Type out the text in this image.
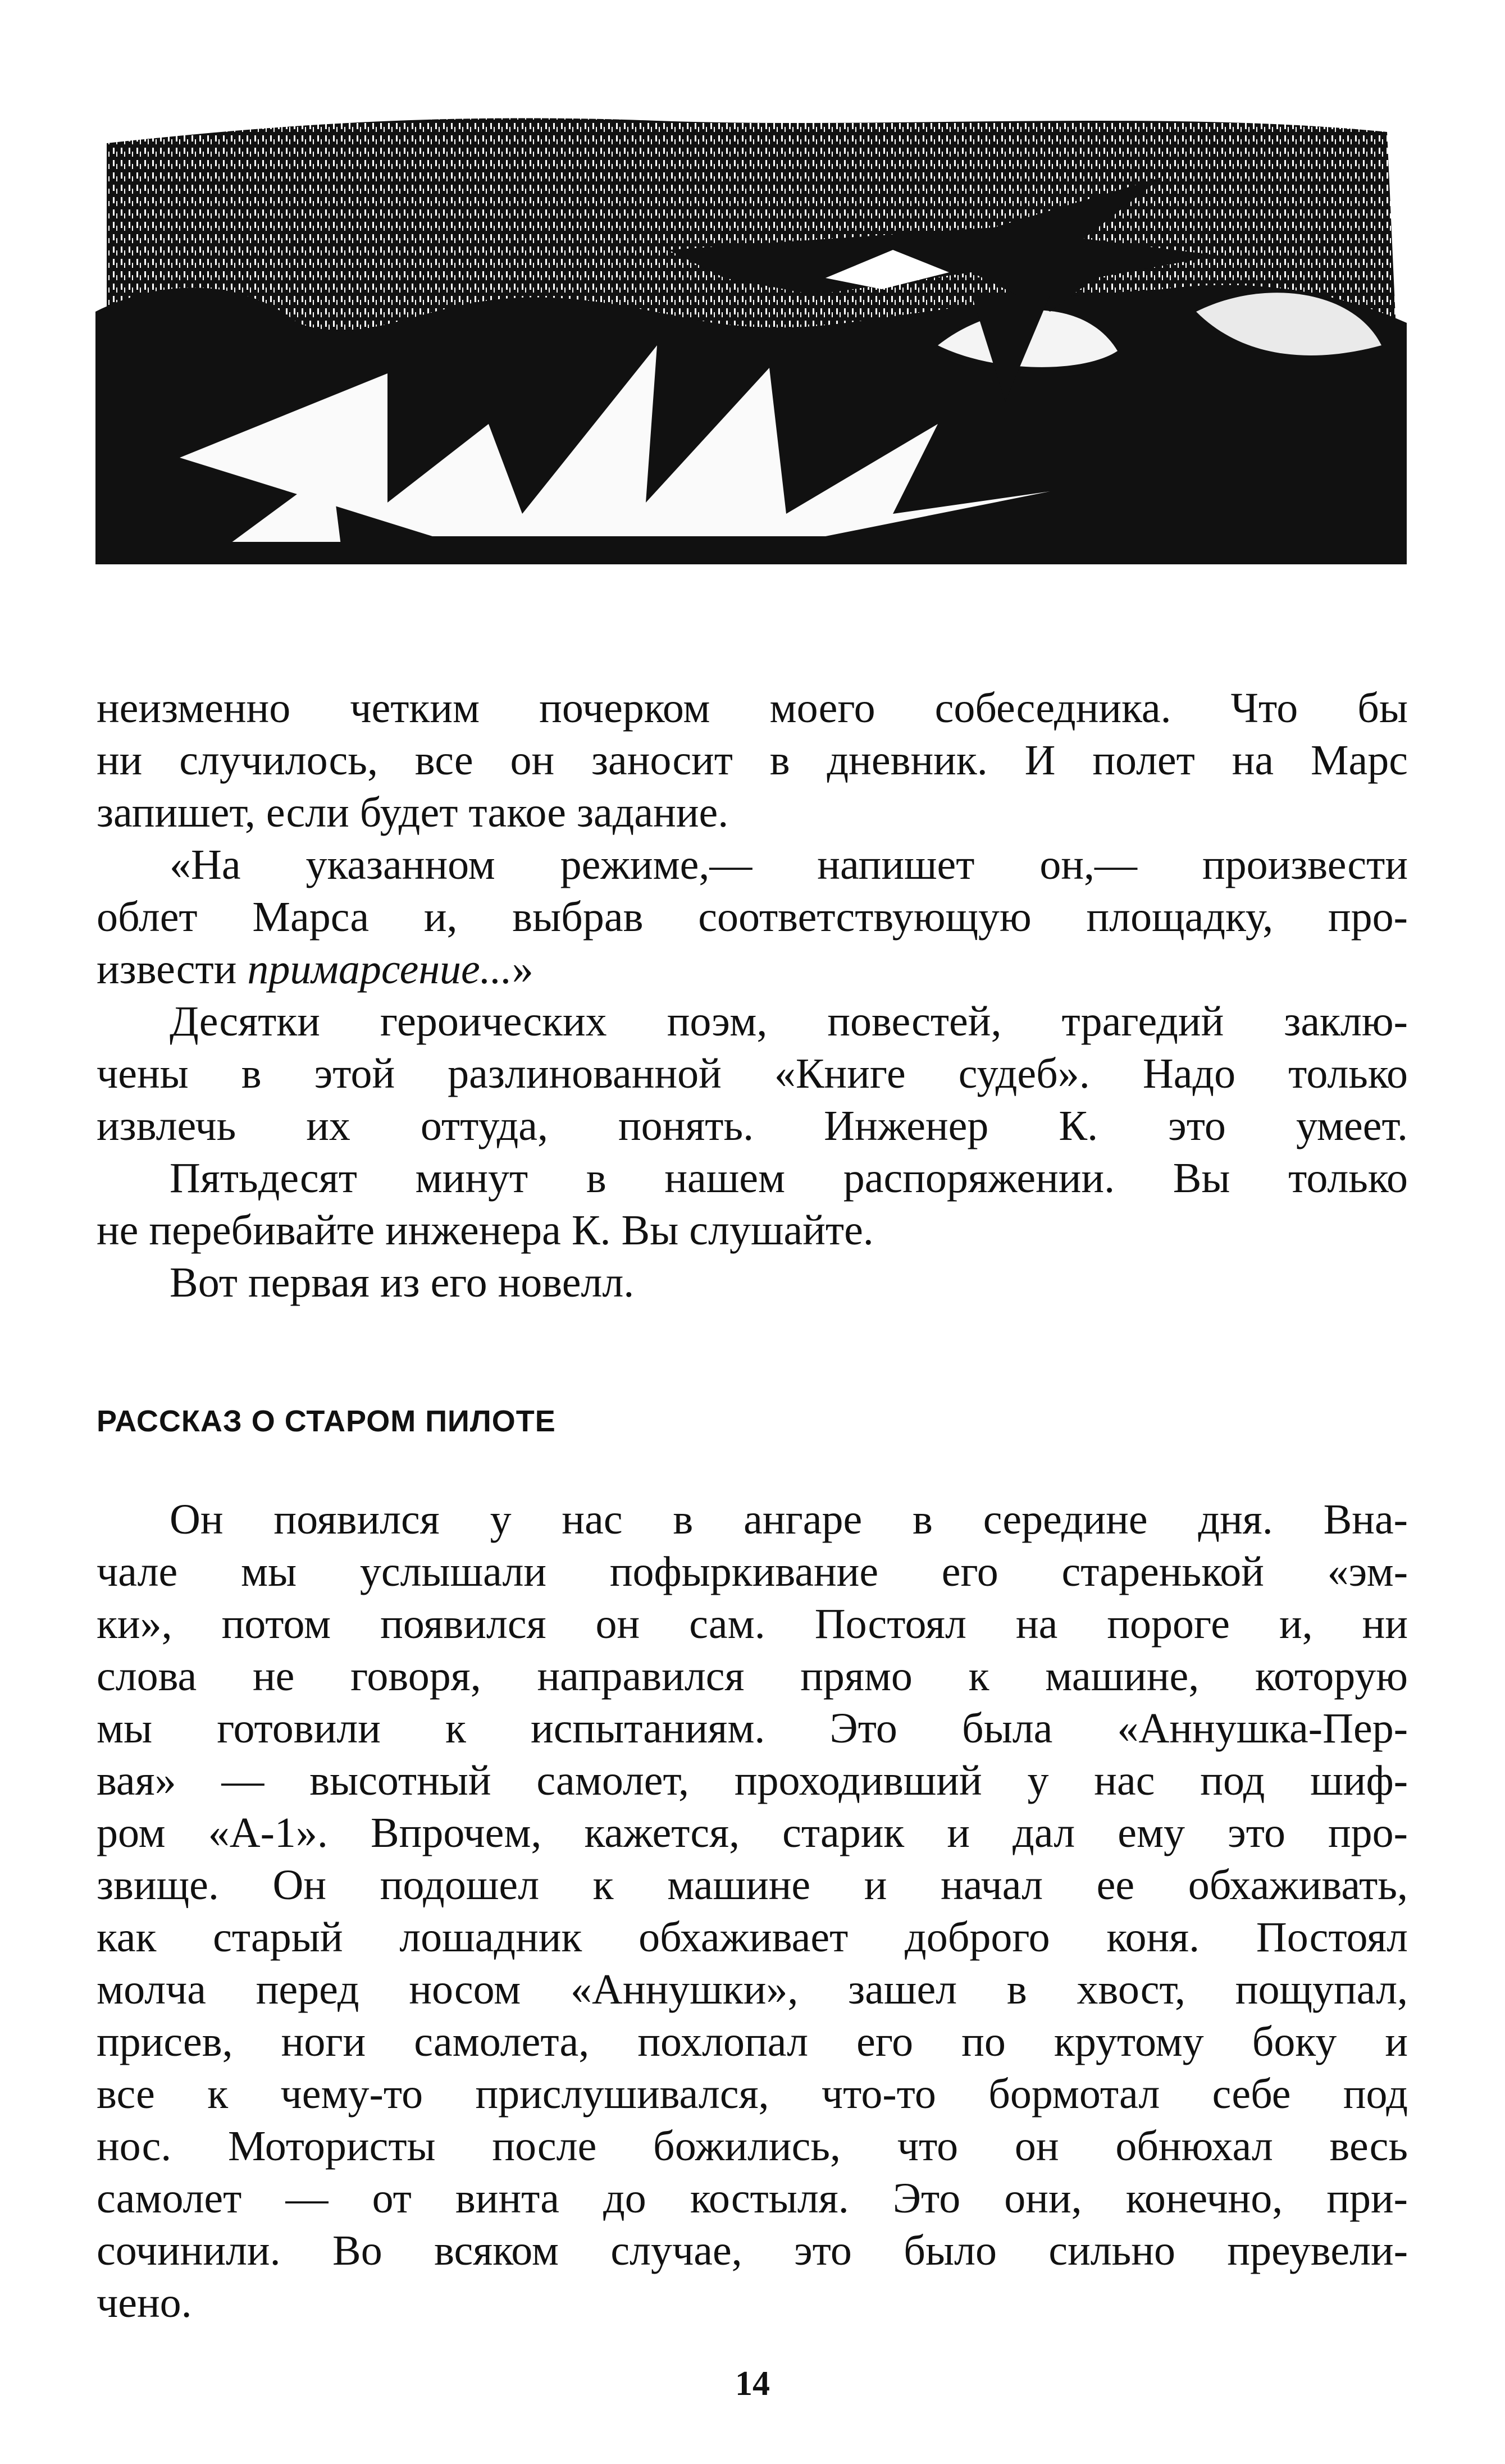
неизменно четким почерком моего собеседника. Что бы
ни случилось, все он заносит в дневник. И полет на Марс
запишет, если будет такое задание.
«На указанном режиме,— напишет он,— произвести
облет Марса и, выбрав соответствующую площадку, про-
извести примарсение...»
Десятки героических поэм, повестей, трагедий заклю-
чены в этой разлинованной «Книге судеб». Надо только
извлечь их оттуда, понять. Инженер К. это умеет.
Пятьдесят минут в нашем распоряжении. Вы только
не перебивайте инженера К. Вы слушайте.
Вот первая из его новелл.
РАССКАЗ О СТАРОМ ПИЛОТЕ
Он появился у нас в ангаре в середине дня. Вна-
чале мы услышали пофыркивание его старенькой «эм-
ки», потом появился он сам. Постоял на пороге и, ни
слова не говоря, направился прямо к машине, которую
мы готовили к испытаниям. Это была «Аннушка-Пер-
вая» — высотный самолет, проходивший у нас под шиф-
ром «А-1». Впрочем, кажется, старик и дал ему это про-
звище. Он подошел к машине и начал ее обхаживать,
как старый лошадник обхаживает доброго коня. Постоял
молча перед носом «Аннушки», зашел в хвост, пощупал,
присев, ноги самолета, похлопал его по крутому боку и
все к чему-то прислушивался, что-то бормотал себе под
нос. Мотористы после божились, что он обнюхал весь
самолет — от винта до костыля. Это они, конечно, при-
сочинили. Во всяком случае, это было сильно преувели-
чено.
14
